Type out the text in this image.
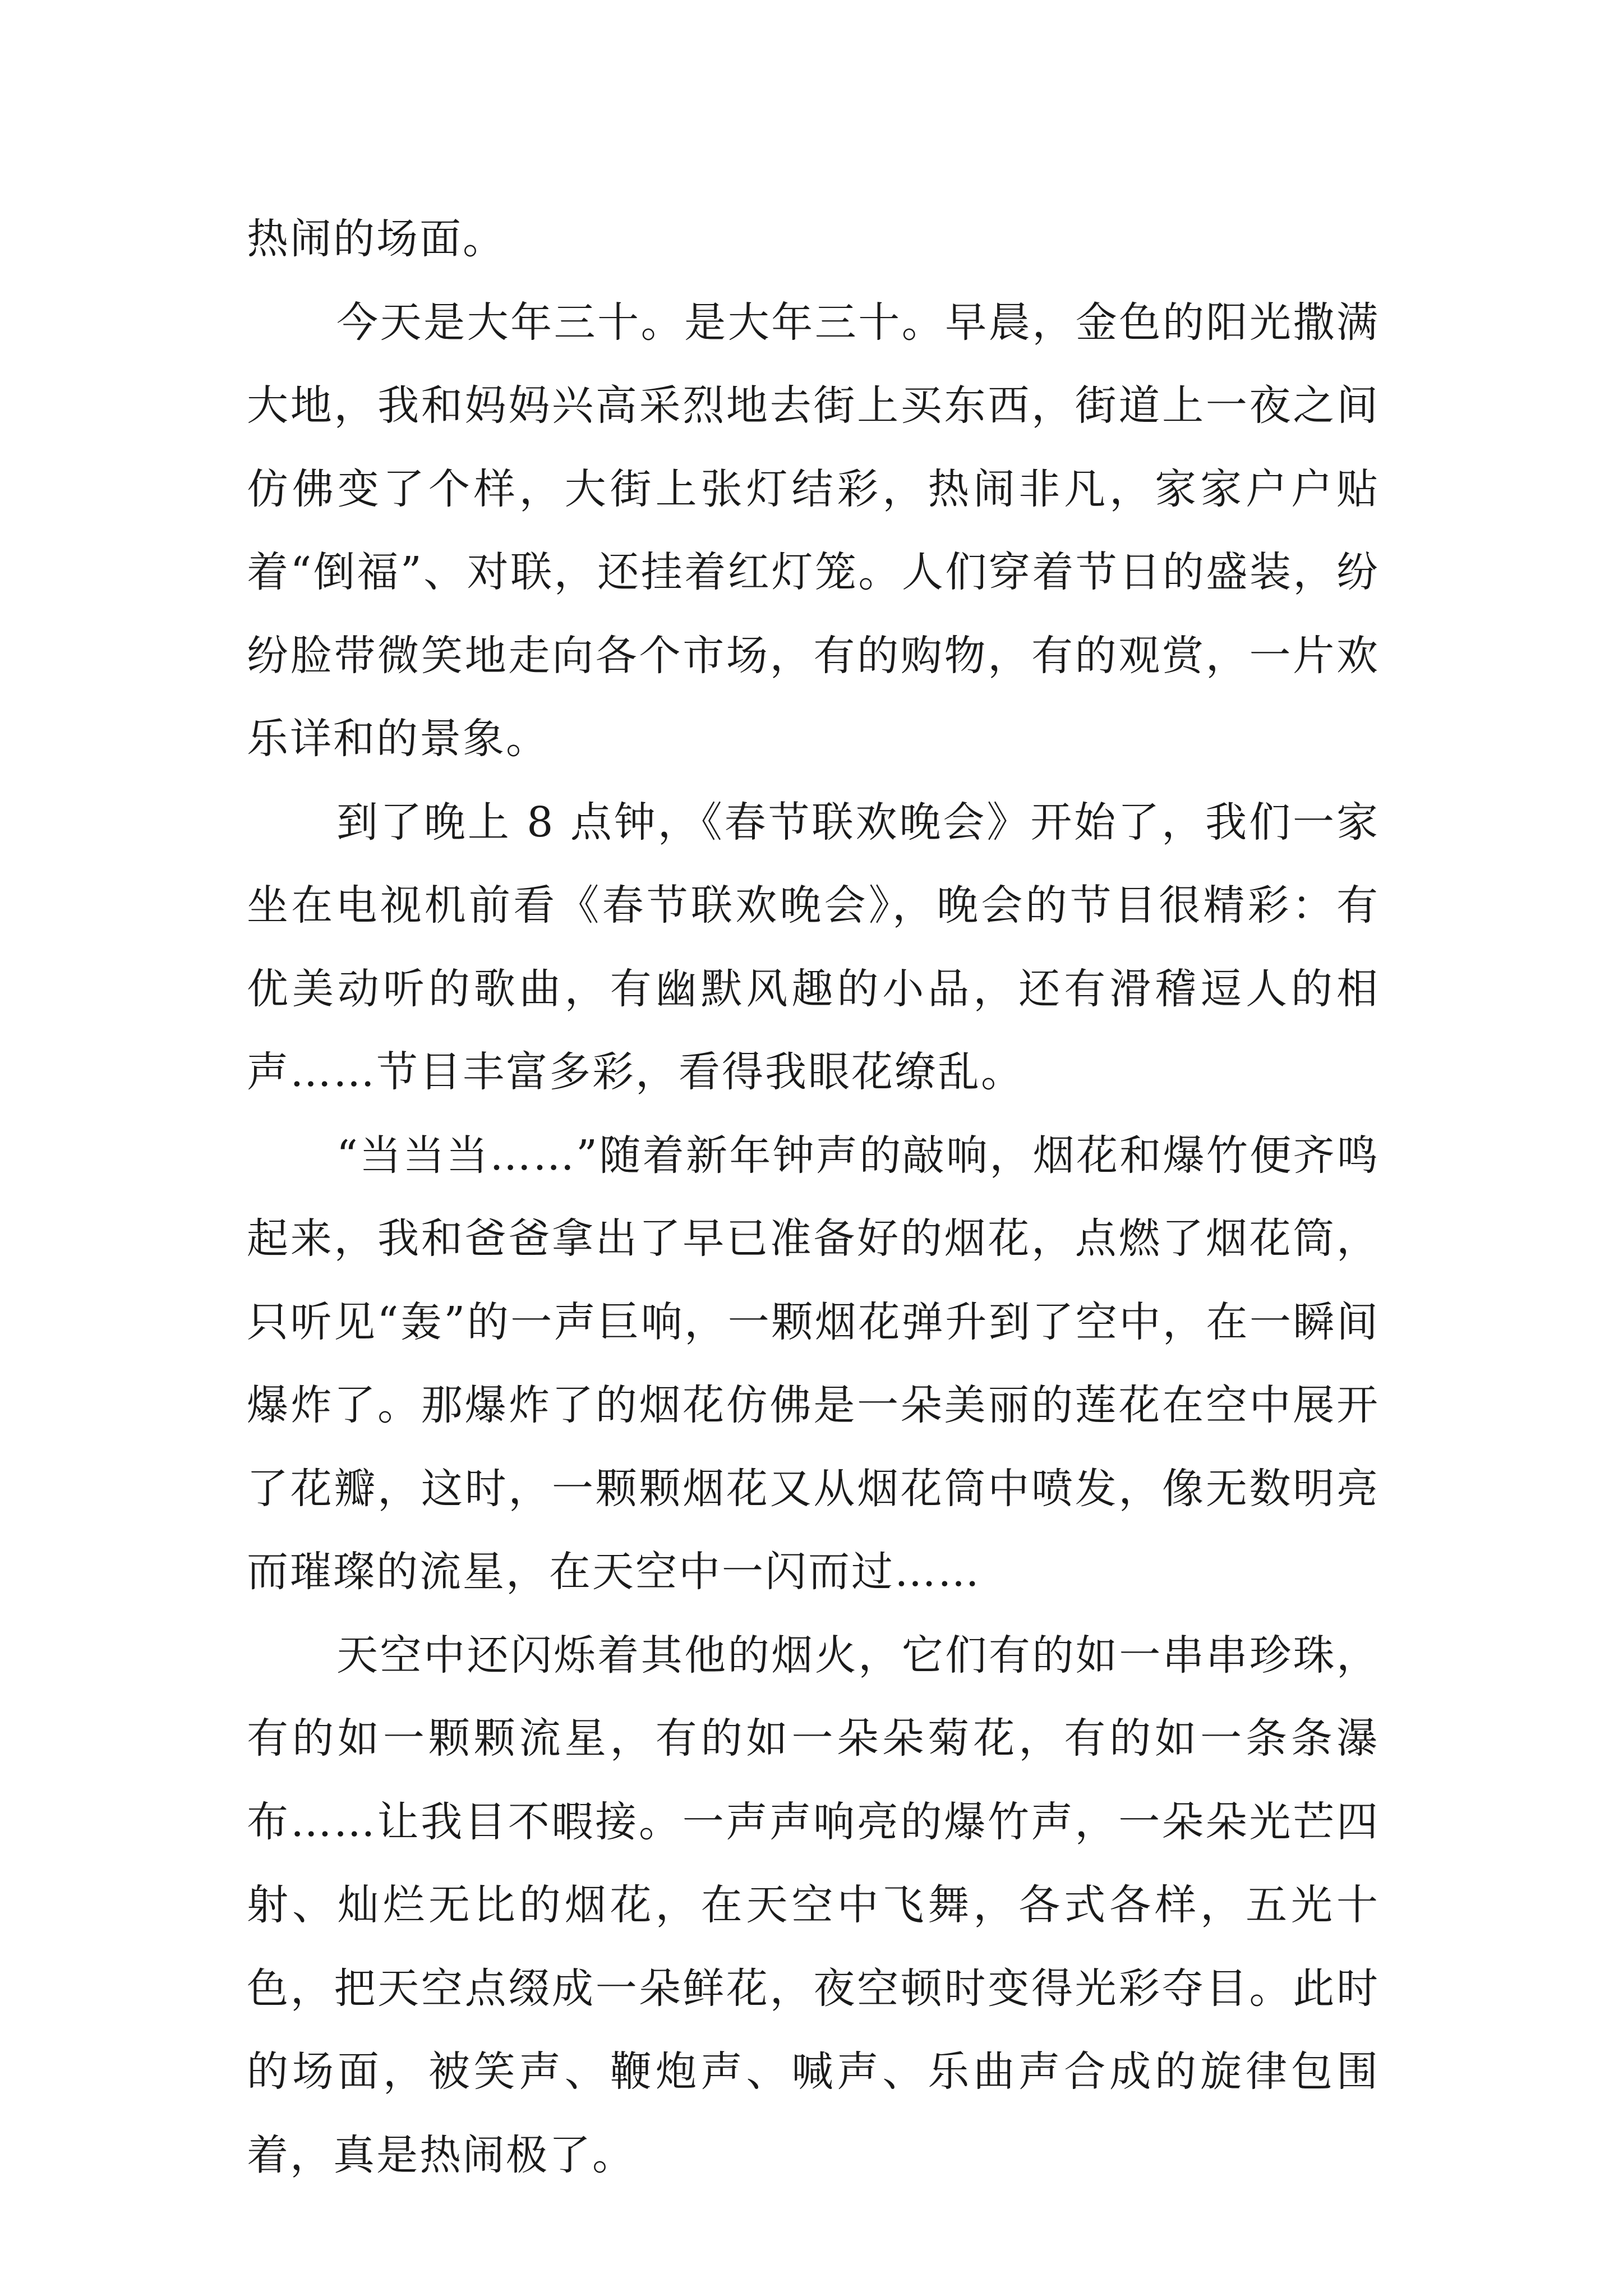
热闹的场面。

今天是大年三十。是大年三十。早晨，金色的阳光撒满大地，我和妈妈兴高采烈地去街上买东西，街道上一夜之间仿佛变了个样，大街上张灯结彩，热闹非凡，家家户户贴着“倒福”、对联，还挂着红灯笼。人们穿着节日的盛装，纷纷脸带微笑地走向各个市场，有的购物，有的观赏，一片欢乐详和的景象。

到了晚上 8 点钟，《春节联欢晚会》开始了，我们一家坐在电视机前看《春节联欢晚会》，晚会的节目很精彩：有优美动听的歌曲，有幽默风趣的小品，还有滑稽逗人的相声……节目丰富多彩，看得我眼花缭乱。

“当当当……”随着新年钟声的敲响，烟花和爆竹便齐鸣起来，我和爸爸拿出了早已准备好的烟花，点燃了烟花筒，只听见“轰”的一声巨响，一颗烟花弹升到了空中，在一瞬间爆炸了。那爆炸了的烟花仿佛是一朵美丽的莲花在空中展开了花瓣，这时，一颗颗烟花又从烟花筒中喷发，像无数明亮而璀璨的流星，在天空中一闪而过……

天空中还闪烁着其他的烟火，它们有的如一串串珍珠，有的如一颗颗流星，有的如一朵朵菊花，有的如一条条瀑布……让我目不暇接。一声声响亮的爆竹声，一朵朵光芒四射、灿烂无比的烟花，在天空中飞舞，各式各样，五光十色，把天空点缀成一朵鲜花，夜空顿时变得光彩夺目。此时的场面，被笑声、鞭炮声、喊声、乐曲声合成的旋律包围着，真是热闹极了。
